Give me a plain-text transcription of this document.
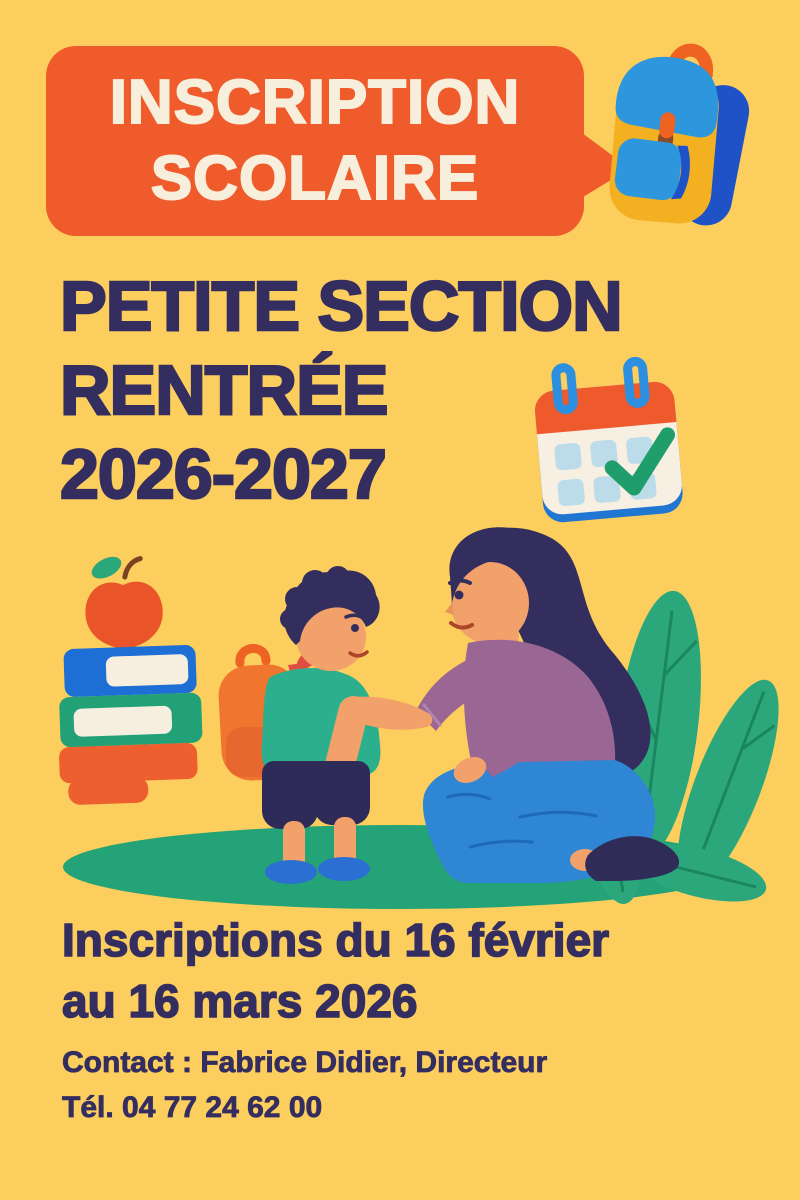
INSCRIPTION
SCOLAIRE
PETITE SECTION
RENTRÉE
2026-2027
Inscriptions du 16 février
au 16 mars 2026
Contact : Fabrice Didier, Directeur
Tél. 04 77 24 62 00
